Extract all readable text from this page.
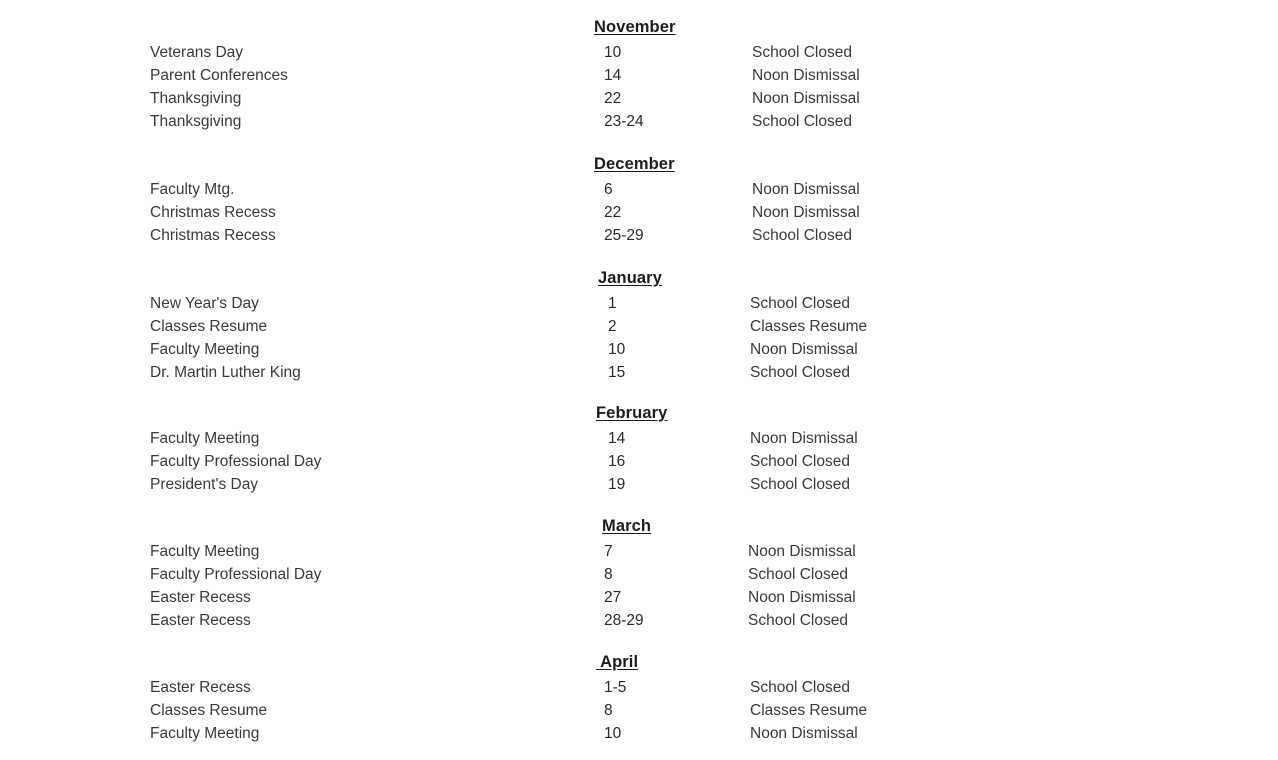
November
Veterans Day	10	School Closed
Parent Conferences	14	Noon Dismissal
Thanksgiving	22	Noon Dismissal
Thanksgiving	23-24	School Closed
December
Faculty Mtg.	6	Noon Dismissal
Christmas Recess	22	Noon Dismissal
Christmas Recess	25-29	School Closed
January
New Year's Day	1	School Closed
Classes Resume	2	Classes Resume
Faculty Meeting	10	Noon Dismissal
Dr. Martin Luther King	15	School Closed
February
Faculty Meeting	14	Noon Dismissal
Faculty Professional Day	16	School Closed
President's Day	19	School Closed
March
Faculty Meeting	7	Noon Dismissal
Faculty Professional Day	8	School Closed
Easter Recess	27	Noon Dismissal
Easter Recess	28-29	School Closed
April
Easter Recess	1-5	School Closed
Classes Resume	8	Classes Resume
Faculty Meeting	10	Noon Dismissal
